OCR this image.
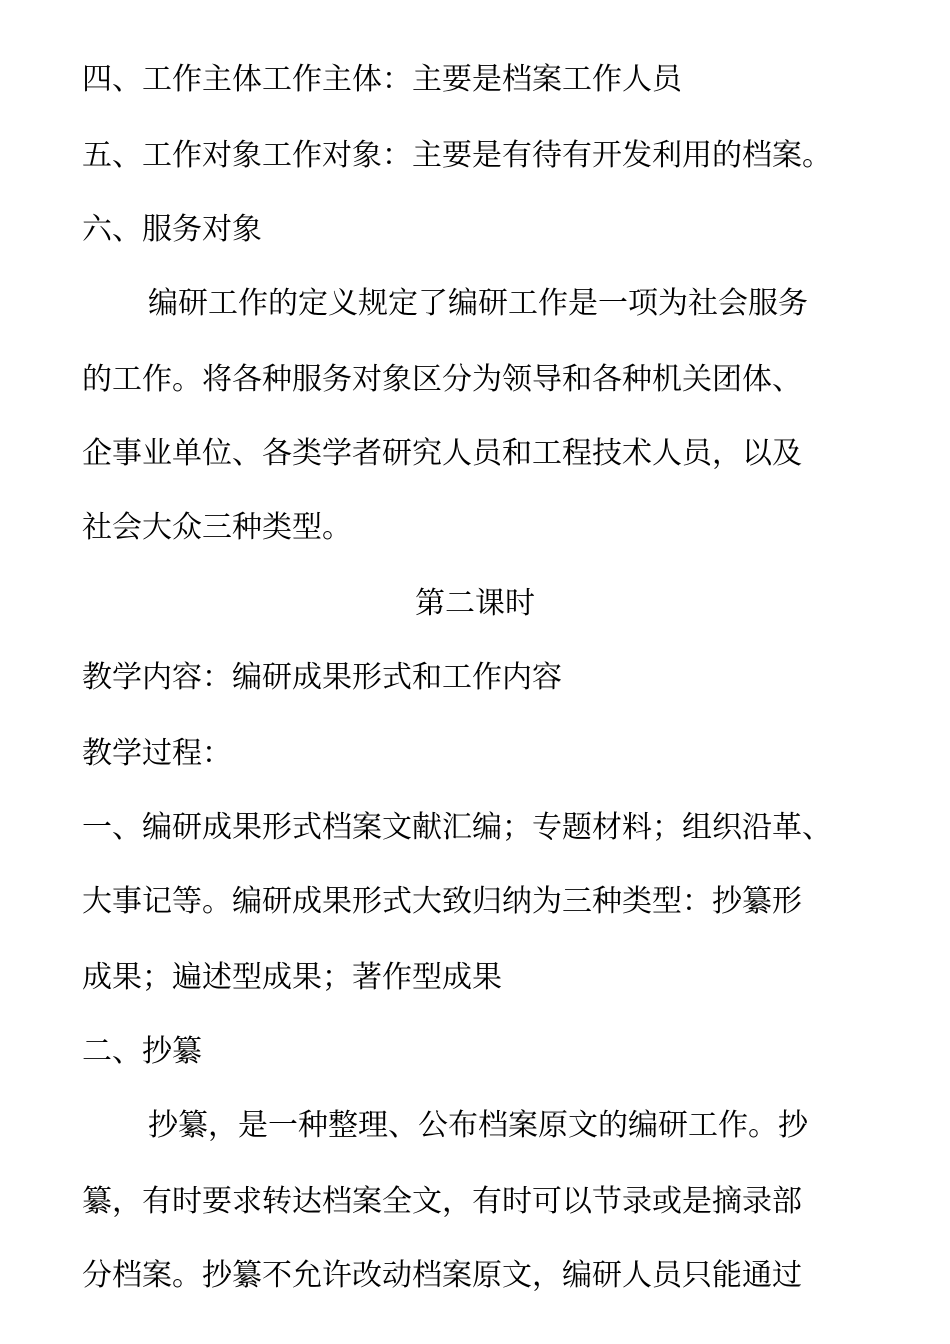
四、工作主体工作主体：主要是档案工作人员
五、工作对象工作对象：主要是有待有开发利用的档案。
六、服务对象
编研工作的定义规定了编研工作是一项为社会服务
的工作。将各种服务对象区分为领导和各种机关团体、
企事业单位、各类学者研究人员和工程技术人员，以及
社会大众三种类型。
第二课时
教学内容：编研成果形式和工作内容
教学过程：
一、编研成果形式档案文献汇编；专题材料；组织沿革、
大事记等。编研成果形式大致归纳为三种类型：抄纂形
成果；遍述型成果；著作型成果
二、抄纂
抄纂，是一种整理、公布档案原文的编研工作。抄
纂，有时要求转达档案全文，有时可以节录或是摘录部
分档案。抄纂不允许改动档案原文，编研人员只能通过
